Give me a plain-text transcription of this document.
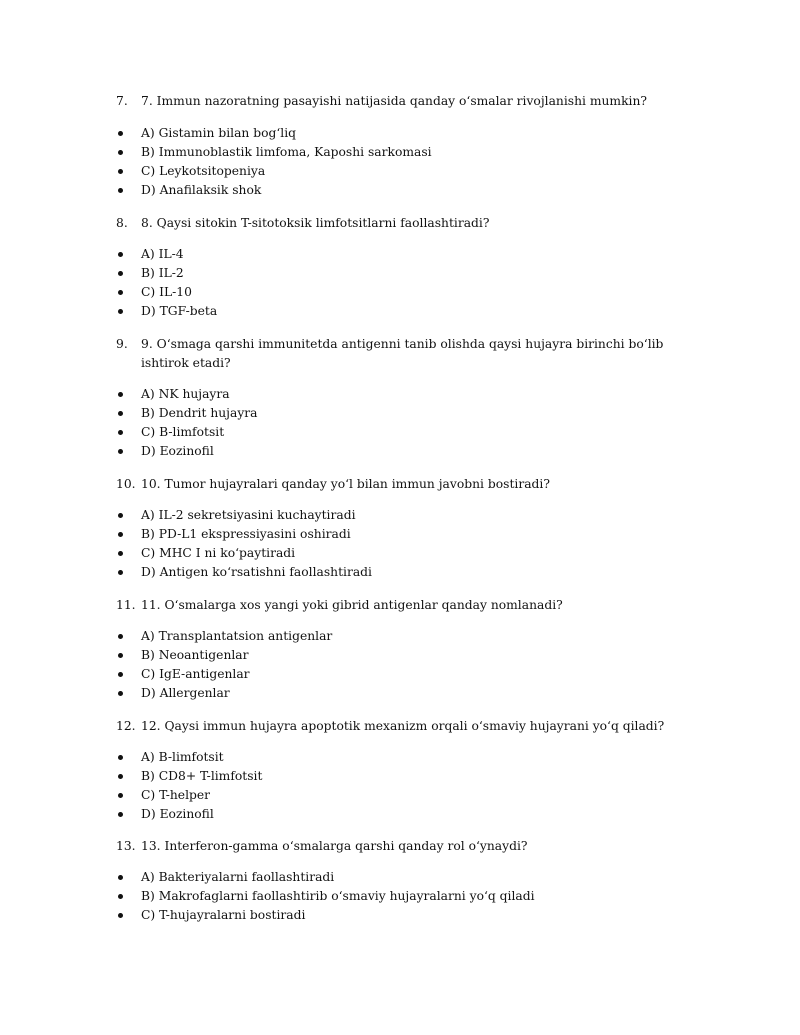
7. 7. Immun nazoratning pasayishi natijasida qanday o‘smalar rivojlanishi mumkin?
A) Gistamin bilan bog‘liq
B) Immunoblastik limfoma, Kaposhi sarkomasi
C) Leykotsitopeniya
D) Anafilaksik shok
8. 8. Qaysi sitokin T-sitotoksik limfotsitlarni faollashtiradi?
A) IL-4
B) IL-2
C) IL-10
D) TGF-beta
9. 9. O‘smaga qarshi immunitetda antigenni tanib olishda qaysi hujayra birinchi bo‘lib ishtirok etadi?
A) NK hujayra
B) Dendrit hujayra
C) B-limfotsit
D) Eozinofil
10. 10. Tumor hujayralari qanday yo‘l bilan immun javobni bostiradi?
A) IL-2 sekretsiyasini kuchaytiradi
B) PD-L1 ekspressiyasini oshiradi
C) MHC I ni ko‘paytiradi
D) Antigen ko‘rsatishni faollashtiradi
11. 11. O‘smalarga xos yangi yoki gibrid antigenlar qanday nomlanadi?
A) Transplantatsion antigenlar
B) Neoantigenlar
C) IgE-antigenlar
D) Allergenlar
12. 12. Qaysi immun hujayra apoptotik mexanizm orqali o‘smaviy hujayrani yo‘q qiladi?
A) B-limfotsit
B) CD8+ T-limfotsit
C) T-helper
D) Eozinofil
13. 13. Interferon-gamma o‘smalarga qarshi qanday rol o‘ynaydi?
A) Bakteriyalarni faollashtiradi
B) Makrofaglarni faollashtirib o‘smaviy hujayralarni yo‘q qiladi
C) T-hujayralarni bostiradi
